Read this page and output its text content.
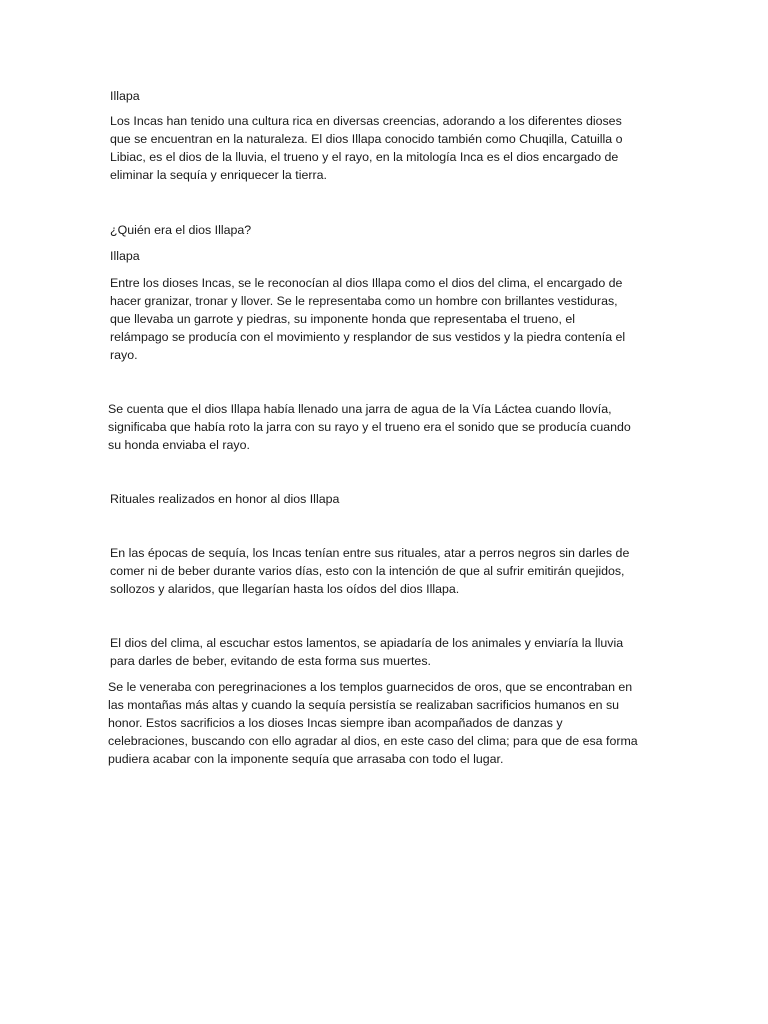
Illapa

Los Incas han tenido una cultura rica en diversas creencias, adorando a los diferentes dioses

que se encuentran en la naturaleza. El dios Illapa conocido también como Chuqilla, Catuilla o

Libiac, es el dios de la lluvia, el trueno y el rayo, en la mitología Inca es el dios encargado de

eliminar la sequía y enriquecer la tierra.

¿Quién era el dios Illapa?

Illapa

Entre los dioses Incas, se le reconocían al dios Illapa como el dios del clima, el encargado de

hacer granizar, tronar y llover. Se le representaba como un hombre con brillantes vestiduras,

que llevaba un garrote y piedras, su imponente honda que representaba el trueno, el

relámpago se producía con el movimiento y resplandor de sus vestidos y la piedra contenía el

rayo.

Se cuenta que el dios Illapa había llenado una jarra de agua de la Vía Láctea cuando llovía,

significaba que había roto la jarra con su rayo y el trueno era el sonido que se producía cuando

su honda enviaba el rayo.

Rituales realizados en honor al dios Illapa

En las épocas de sequía, los Incas tenían entre sus rituales, atar a perros negros sin darles de

comer ni de beber durante varios días, esto con la intención de que al sufrir emitirán quejidos,

sollozos y alaridos, que llegarían hasta los oídos del dios Illapa.

El dios del clima, al escuchar estos lamentos, se apiadaría de los animales y enviaría la lluvia

para darles de beber, evitando de esta forma sus muertes.

Se le veneraba con peregrinaciones a los templos guarnecidos de oros, que se encontraban en

las montañas más altas y cuando la sequía persistía se realizaban sacrificios humanos en su

honor. Estos sacrificios a los dioses Incas siempre iban acompañados de danzas y

celebraciones, buscando con ello agradar al dios, en este caso del clima; para que de esa forma

pudiera acabar con la imponente sequía que arrasaba con todo el lugar.
